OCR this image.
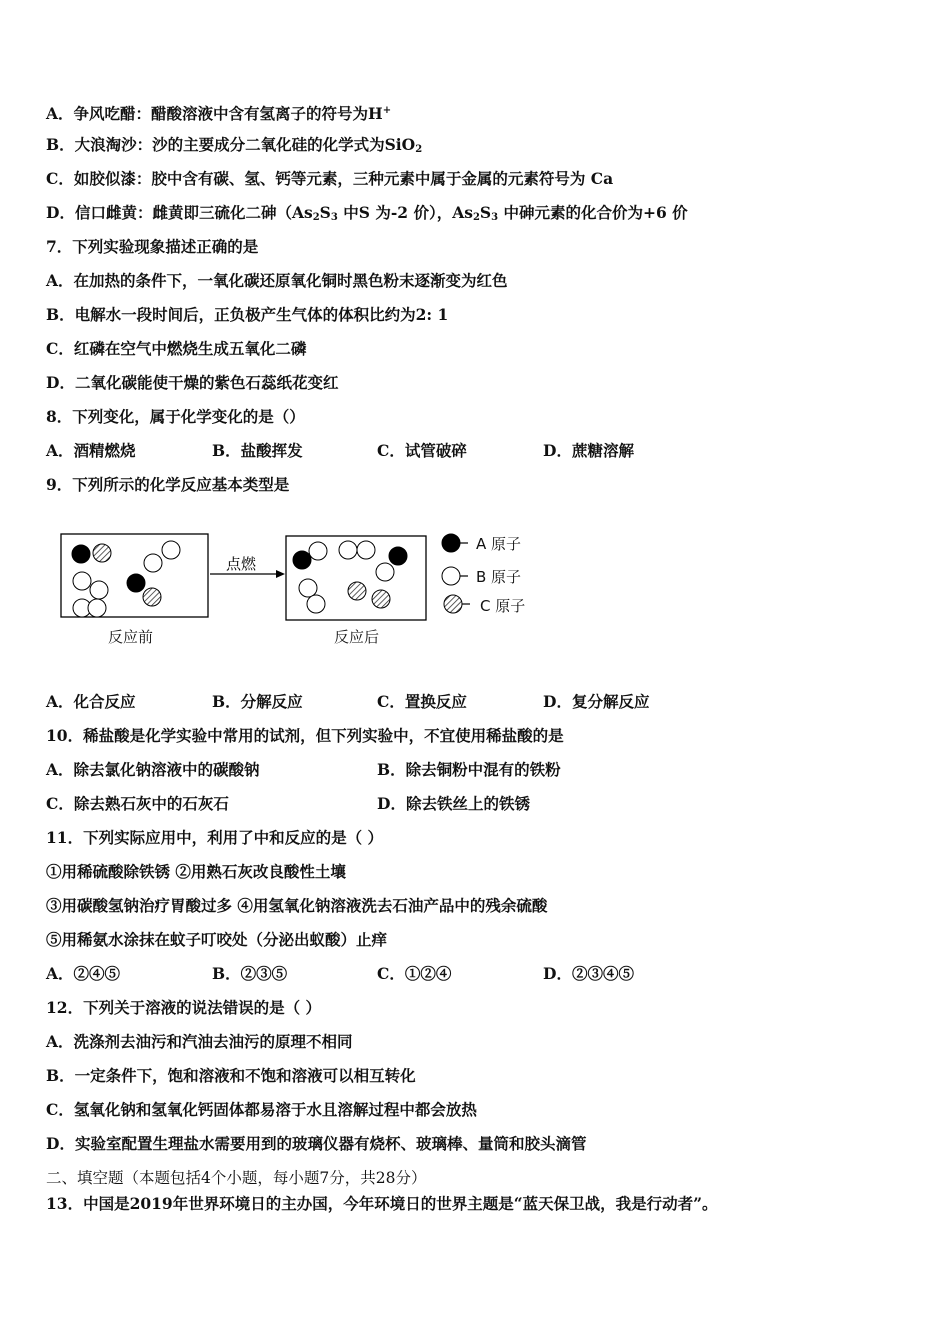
A．争风吃醋：醋酸溶液中含有氢离子的符号为H+
B．大浪淘沙：沙的主要成分二氧化硅的化学式为SiO$_2$
C．如胶似漆：胶中含有碳、氢、钙等元素，三种元素中属于金属的元素符号为 Ca
D．信口雌黄：雌黄即三硫化二砷（$As_2S_3$ 中S 为-2 价），$As_2S_3$ 中砷元素的化合价为+6 价
7．下列实验现象描述正确的是
A．在加热的条件下，一氧化碳还原氧化铜时黑色粉末逐渐变为红色
B．电解水一段时间后，正负极产生气体的体积比约为2: 1
C．红磷在空气中燃烧生成五氧化二磷
D．二氧化碳能使干燥的紫色石蕊纸花变红
8．下列变化，属于化学变化的是（）
A．酒精燃烧	B．盐酸挥发	C．试管破碎	D．蔗糖溶解
9．下列所示的化学反应基本类型是
点燃
反应前	反应后
A 原子
B 原子
C 原子
A．化合反应	B．分解反应	C．置换反应	D．复分解反应
10．稀盐酸是化学实验中常用的试剂，但下列实验中，不宜使用稀盐酸的是
A．除去氯化钠溶液中的碳酸钠	B．除去铜粉中混有的铁粉
C．除去熟石灰中的石灰石	D．除去铁丝上的铁锈
11．下列实际应用中，利用了中和反应的是（ ）
①用稀硫酸除铁锈 ②用熟石灰改良酸性土壤
③用碳酸氢钠治疗胃酸过多 ④用氢氧化钠溶液洗去石油产品中的残余硫酸
⑤用稀氨水涂抹在蚊子叮咬处（分泌出蚁酸）止痒
A．②④⑤	B．②③⑤	C．①②④	D．②③④⑤
12．下列关于溶液的说法错误的是（ ）
A．洗涤剂去油污和汽油去油污的原理不相同
B．一定条件下，饱和溶液和不饱和溶液可以相互转化
C．氢氧化钠和氢氧化钙固体都易溶于水且溶解过程中都会放热
D．实验室配置生理盐水需要用到的玻璃仪器有烧杯、玻璃棒、量筒和胶头滴管
二、填空题（本题包括4个小题，每小题7分，共28分）
13．中国是2019年世界环境日的主办国，今年环境日的世界主题是“蓝天保卫战，我是行动者”。
